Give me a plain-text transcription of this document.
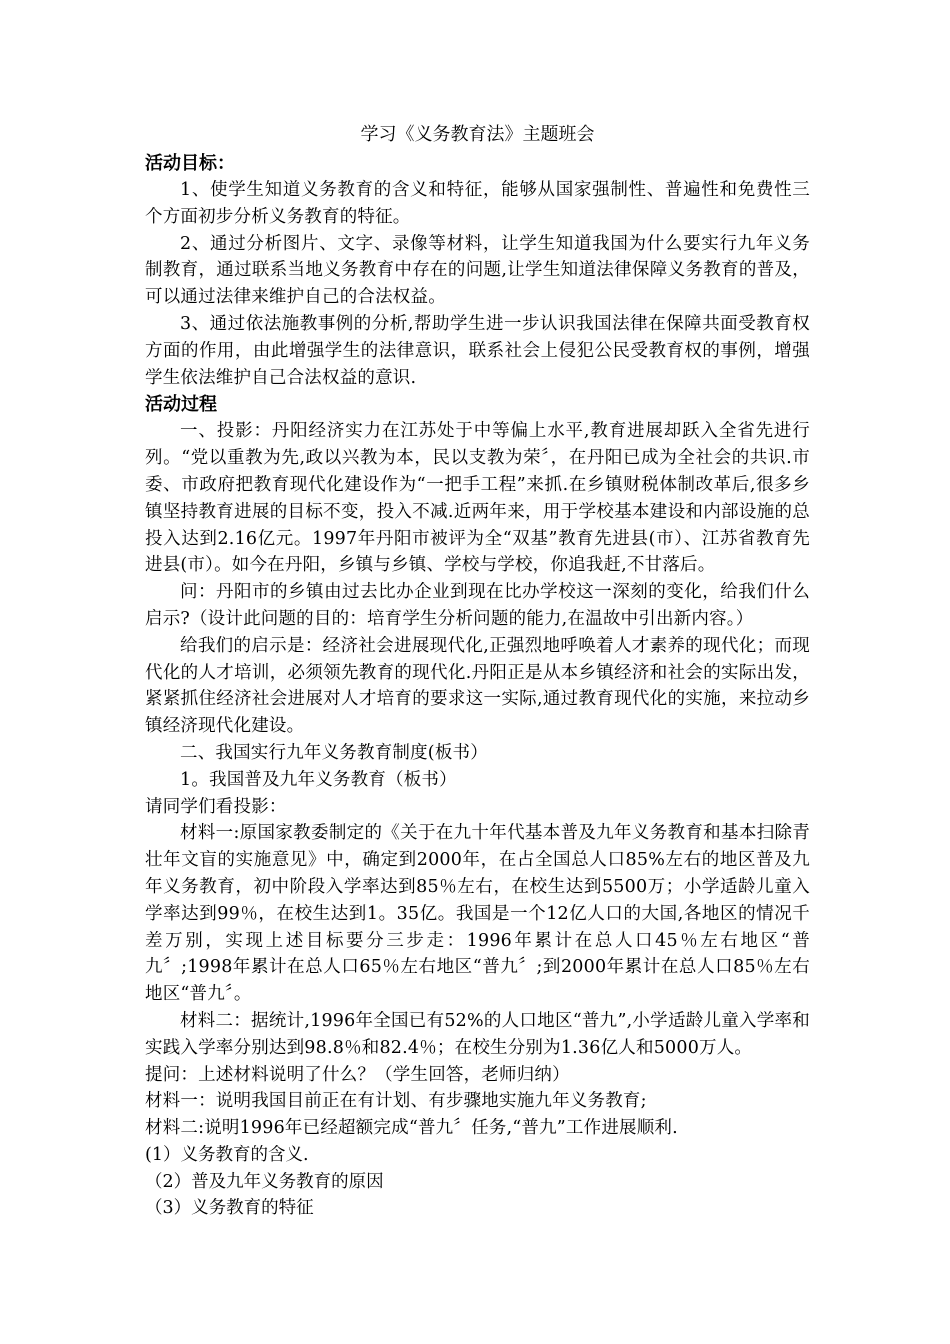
学习《义务教育法》主题班会

活动目标：

1、使学生知道义务教育的含义和特征，能够从国家强制性、普遍性和免费性三个方面初步分析义务教育的特征。

2、通过分析图片、文字、录像等材料，让学生知道我国为什么要实行九年义务制教育，通过联系当地义务教育中存在的问题,让学生知道法律保障义务教育的普及，可以通过法律来维护自己的合法权益。

3、通过依法施教事例的分析,帮助学生进一步认识我国法律在保障共面受教育权方面的作用，由此增强学生的法律意识，联系社会上侵犯公民受教育权的事例，增强学生依法维护自己合法权益的意识.

活动过程

一、投影：丹阳经济实力在江苏处于中等偏上水平,教育进展却跃入全省先进行列。“党以重教为先,政以兴教为本，民以支教为荣〞，在丹阳已成为全社会的共识.市委、市政府把教育现代化建设作为“一把手工程”来抓.在乡镇财税体制改革后,很多乡镇坚持教育进展的目标不变，投入不减.近两年来，用于学校基本建设和内部设施的总投入达到2.16亿元。1997年丹阳市被评为全“双基”教育先进县(市）、江苏省教育先进县(市）。如今在丹阳，乡镇与乡镇、学校与学校，你追我赶,不甘落后。

问：丹阳市的乡镇由过去比办企业到现在比办学校这一深刻的变化，给我们什么启示?（设计此问题的目的：培育学生分析问题的能力,在温故中引出新内容。）

给我们的启示是：经济社会进展现代化,正强烈地呼唤着人才素养的现代化；而现代化的人才培训，必须领先教育的现代化.丹阳正是从本乡镇经济和社会的实际出发，紧紧抓住经济社会进展对人才培育的要求这一实际,通过教育现代化的实施，来拉动乡镇经济现代化建设。

二、我国实行九年义务教育制度(板书）

1。我国普及九年义务教育（板书）

请同学们看投影：

材料一:原国家教委制定的《关于在九十年代基本普及九年义务教育和基本扫除青壮年文盲的实施意见》中，确定到2000年，在占全国总人口85%左右的地区普及九年义务教育，初中阶段入学率达到85％左右，在校生达到5500万；小学适龄儿童入学率达到99％，在校生达到1。35亿。我国是一个12亿人口的大国,各地区的情况千差万别，实现上述目标要分三步走：1996年累计在总人口45％左右地区“普九〞;1998年累计在总人口65％左右地区“普九〞;到2000年累计在总人口85％左右地区“普九〞。

材料二：据统计,1996年全国已有52%的人口地区“普九”,小学适龄儿童入学率和实践入学率分别达到98.8％和82.4％；在校生分别为1.36亿人和5000万人。

提问：上述材料说明了什么？（学生回答，老师归纳）

材料一：说明我国目前正在有计划、有步骤地实施九年义务教育;

材料二:说明1996年已经超额完成“普九〞任务,“普九”工作进展顺利.

(1）义务教育的含义.

（2）普及九年义务教育的原因

（3）义务教育的特征
